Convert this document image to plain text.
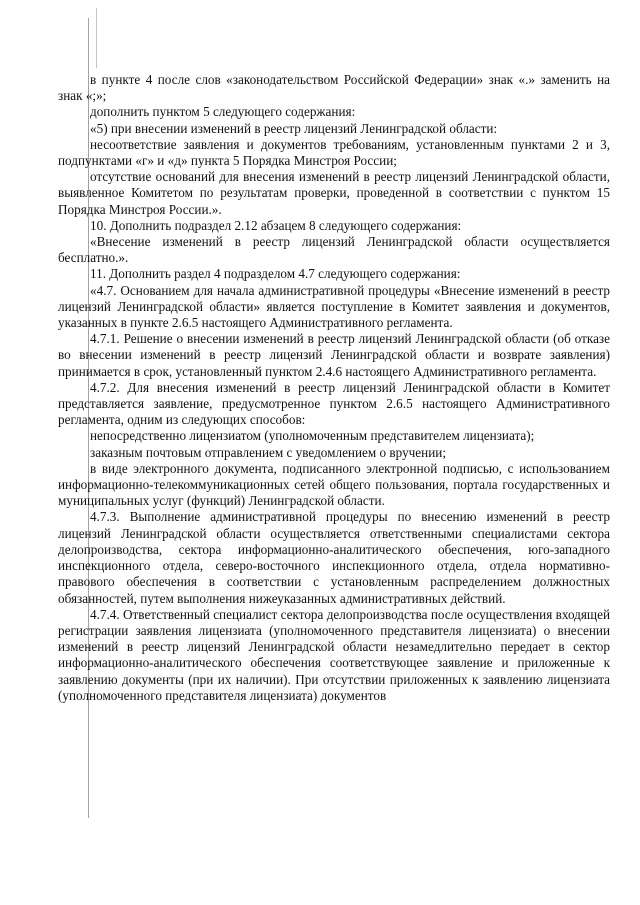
в пункте 4 после слов «законодательством Российской Федерации» знак «.» заменить на знак «;»;

дополнить пунктом 5 следующего содержания:

«5) при внесении изменений в реестр лицензий Ленинградской области:

несоответствие заявления и документов требованиям, установленным пунктами 2 и 3, подпунктами «г» и «д» пункта 5 Порядка Минстроя России;

отсутствие оснований для внесения изменений в реестр лицензий Ленинградской области, выявленное Комитетом по результатам проверки, проведенной в соответствии с пунктом 15 Порядка Минстроя России.».

10. Дополнить подраздел 2.12 абзацем 8 следующего содержания:

«Внесение изменений в реестр лицензий Ленинградской области осуществляется бесплатно.».

11. Дополнить раздел 4 подразделом 4.7 следующего содержания:

«4.7. Основанием для начала административной процедуры «Внесение изменений в реестр лицензий Ленинградской области» является поступление в Комитет заявления и документов, указанных в пункте 2.6.5 настоящего Административного регламента.

4.7.1. Решение о внесении изменений в реестр лицензий Ленинградской области (об отказе во внесении изменений в реестр лицензий Ленинградской области и возврате заявления) принимается в срок, установленный пунктом 2.4.6 настоящего Административного регламента.

4.7.2. Для внесения изменений в реестр лицензий Ленинградской области в Комитет представляется заявление, предусмотренное пунктом 2.6.5 настоящего Административного регламента, одним из следующих способов:

непосредственно лицензиатом (уполномоченным представителем лицензиата);

заказным почтовым отправлением с уведомлением о вручении;

в виде электронного документа, подписанного электронной подписью, с использованием информационно-телекоммуникационных сетей общего пользования, портала государственных и муниципальных услуг (функций) Ленинградской области.

4.7.3. Выполнение административной процедуры по внесению изменений в реестр лицензий Ленинградской области осуществляется ответственными специалистами сектора делопроизводства, сектора информационно-аналитического обеспечения, юго-западного инспекционного отдела, северо-восточного инспекционного отдела, отдела нормативно-правового обеспечения в соответствии с установленным распределением должностных обязанностей, путем выполнения нижеуказанных административных действий.

4.7.4. Ответственный специалист сектора делопроизводства после осуществления входящей регистрации заявления лицензиата (уполномоченного представителя лицензиата) о внесении изменений в реестр лицензий Ленинградской области незамедлительно передает в сектор информационно-аналитического обеспечения соответствующее заявление и приложенные к заявлению документы (при их наличии). При отсутствии приложенных к заявлению лицензиата (уполномоченного представителя лицензиата) документов
